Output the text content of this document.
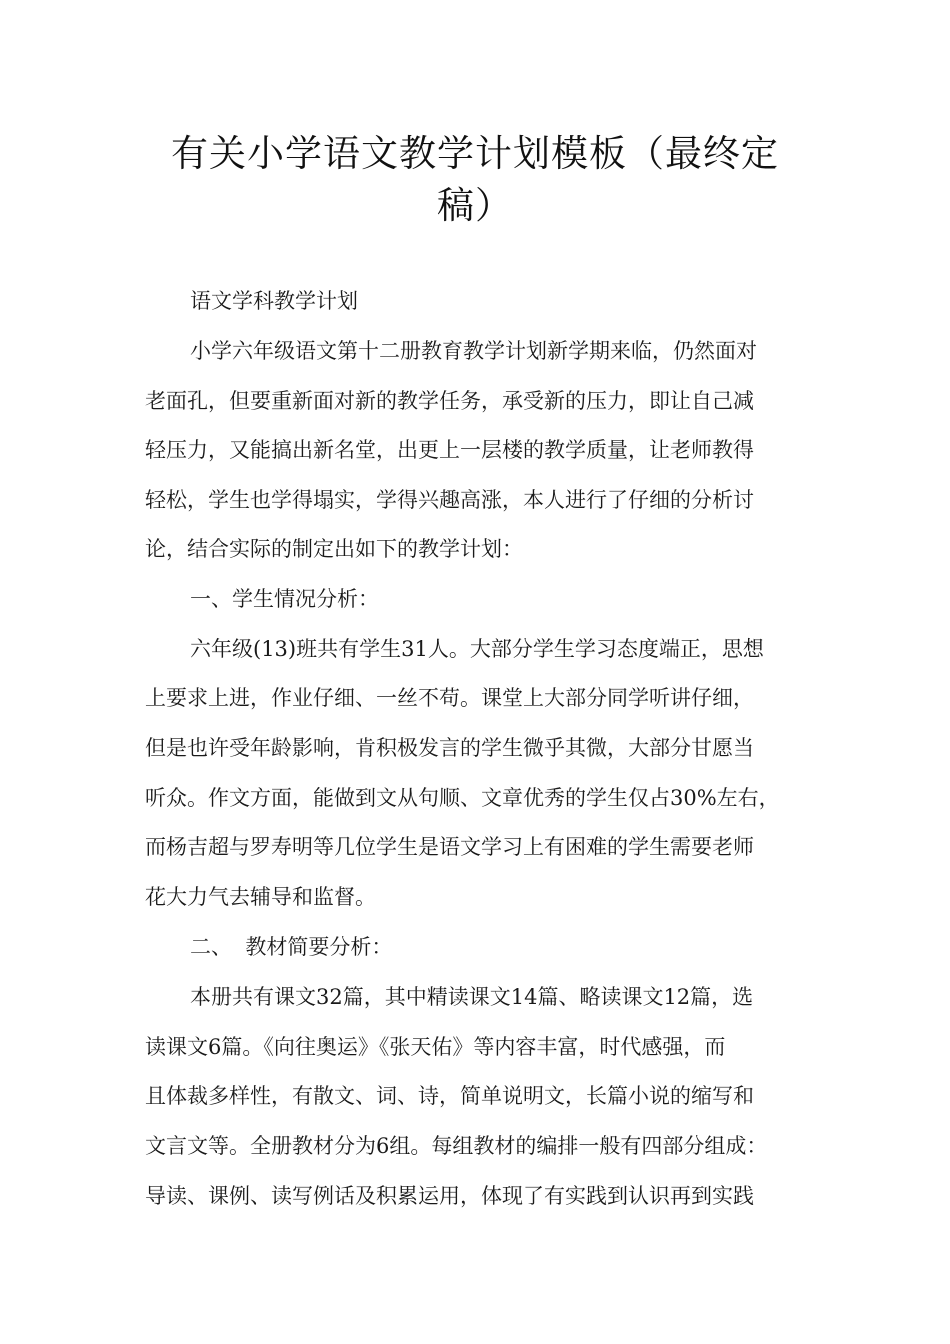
有关小学语文教学计划模板（最终定
稿）
语文学科教学计划
小学六年级语文第十二册教育教学计划新学期来临，仍然面对
老面孔，但要重新面对新的教学任务，承受新的压力，即让自己减
轻压力，又能搞出新名堂，出更上一层楼的教学质量，让老师教得
轻松，学生也学得塌实，学得兴趣高涨，本人进行了仔细的分析讨
论，结合实际的制定出如下的教学计划：
一、学生情况分析：
六年级(13)班共有学生31人。大部分学生学习态度端正，思想
上要求上进，作业仔细、一丝不苟。课堂上大部分同学听讲仔细，
但是也许受年龄影响，肯积极发言的学生微乎其微，大部分甘愿当
听众。作文方面，能做到文从句顺、文章优秀的学生仅占30%左右，
而杨吉超与罗寿明等几位学生是语文学习上有困难的学生需要老师
花大力气去辅导和监督。
二、  教材简要分析：
本册共有课文32篇，其中精读课文14篇、略读课文12篇，选
读课文6篇。《向往奥运》《张天佑》等内容丰富，时代感强，而
且体裁多样性，有散文、词、诗，简单说明文，长篇小说的缩写和
文言文等。全册教材分为6组。每组教材的编排一般有四部分组成：
导读、课例、读写例话及积累运用，体现了有实践到认识再到实践
